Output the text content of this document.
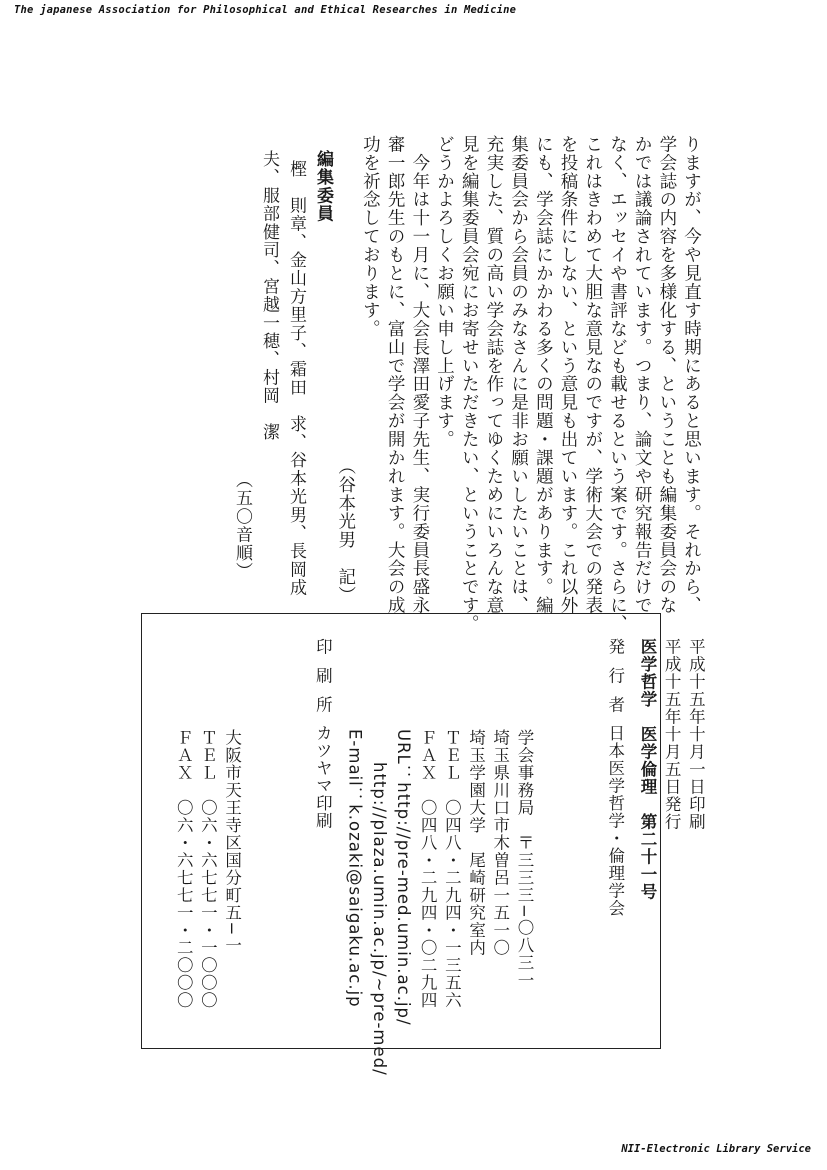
The japanese Association for Philosophical and Ethical Researches in Medicine
りますが、今や見直す時期にあると思います。それから、
学会誌の内容を多様化する、ということも編集委員会のな
かでは議論されています。つまり、論文や研究報告だけで
なく、エッセイや書評なども載せるという案です。さらに、
これはきわめて大胆な意見なのですが、学術大会での発表
を投稿条件にしない、という意見も出ています。これ以外
にも、学会誌にかかわる多くの問題・課題があります。編
集委員会から会員のみなさんに是非お願いしたいことは、
充実した、質の高い学会誌を作ってゆくためにいろんな意
見を編集委員会宛にお寄せいただきたい、ということです。
どうかよろしくお願い申し上げます。
　今年は十一月に、大会長澤田愛子先生、実行委員長盛永
審一郎先生のもとに、富山で学会が開かれます。大会の成
功を祈念しております。
（谷本光男　記）
編集委員
樫　則章、金山方里子、霜田　求、谷本光男、長岡成
夫、服部健司、宮越一穂、村岡　潔
（五〇音順）
平成十五年十月一日印刷
平成十五年十月五日発行
医学哲学　医学倫理　第二十一号
発行者日本医学哲学・倫理学会
学会事務局　〒三三三−〇八三一
埼玉県川口市木曽呂一五一〇
埼玉学園大学　尾崎研究室内
ＴＥＬ　〇四八・二九四・一三五六
ＦＡＸ　〇四八・二九四・〇二九四
URL：http://pre-med.umin.ac.jp/
http://plaza.umin.ac.jp/~pre-med/
E-mail：k.ozaki@saigaku.ac.jp
印刷所カツヤマ印刷
大阪市天王寺区国分町五−一
ＴＥＬ　〇六・六七七一・一〇〇〇
ＦＡＸ　〇六・六七七一・二〇〇〇
NII-Electronic Library Service
